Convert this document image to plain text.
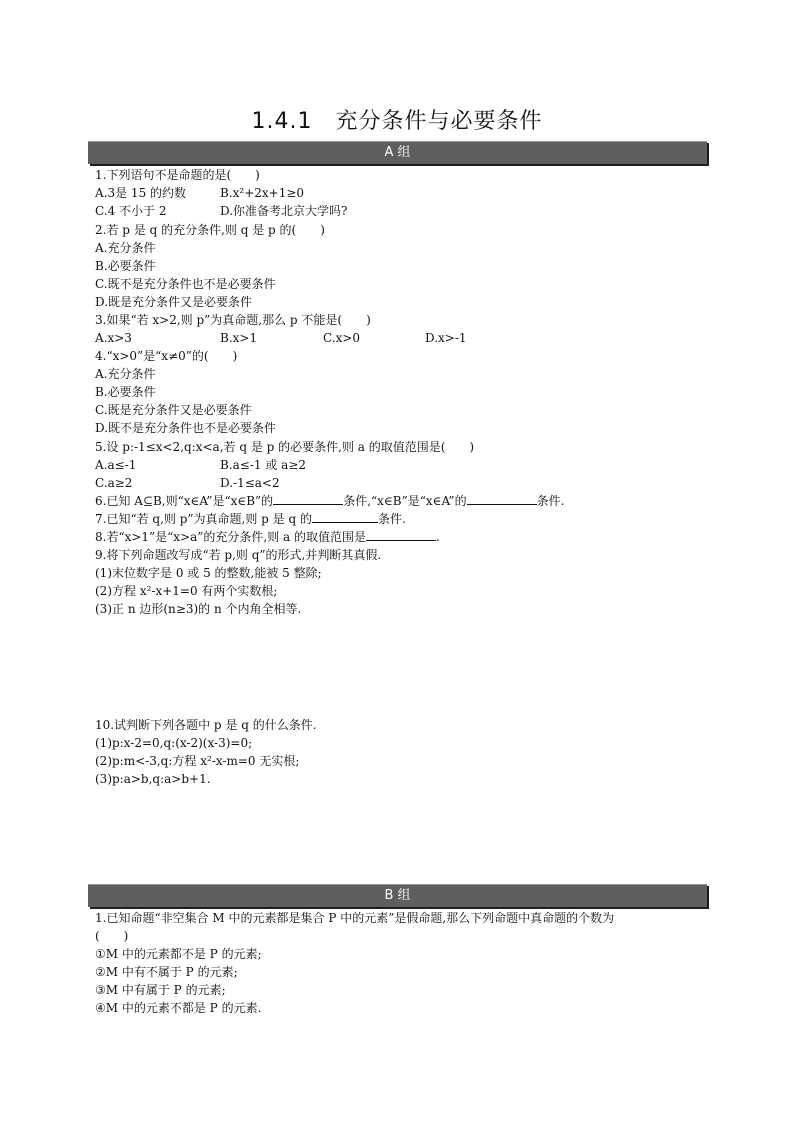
1.4.1　充分条件与必要条件
A 组
1.下列语句不是命题的是(　　)
A.3是 15 的约数	B.x²+2x+1≥0
C.4 不小于 2	D.你准备考北京大学吗?
2.若 p 是 q 的充分条件,则 q 是 p 的(　　)
A.充分条件
B.必要条件
C.既不是充分条件也不是必要条件
D.既是充分条件又是必要条件
3.如果“若 x>2,则 p”为真命题,那么 p 不能是(　　)
A.x>3	B.x>1	C.x>0	D.x>-1
4.“x>0”是“x≠0”的(　　)
A.充分条件
B.必要条件
C.既是充分条件又是必要条件
D.既不是充分条件也不是必要条件
5.设 p:-1≤x<2,q:x<a,若 q 是 p 的必要条件,则 a 的取值范围是(　　)
A.a≤-1	B.a≤-1 或 a≥2
C.a≥2	D.-1≤a<2
6.已知 A⊆B,则“x∈A”是“x∈B”的	条件,“x∈B”是“x∈A”的	条件.
7.已知“若 q,则 p”为真命题,则 p 是 q 的	条件.
8.若“x>1”是“x>a”的充分条件,则 a 的取值范围是	.
9.将下列命题改写成“若 p,则 q”的形式,并判断其真假.
(1)末位数字是 0 或 5 的整数,能被 5 整除;
(2)方程 x²-x+1=0 有两个实数根;
(3)正 n 边形(n≥3)的 n 个内角全相等.
10.试判断下列各题中 p 是 q 的什么条件.
(1)p:x-2=0,q:(x-2)(x-3)=0;
(2)p:m<-3,q:方程 x²-x-m=0 无实根;
(3)p:a>b,q:a>b+1.
B 组
1.已知命题“非空集合 M 中的元素都是集合 P 中的元素”是假命题,那么下列命题中真命题的个数为
(　　)
①M 中的元素都不是 P 的元素;
②M 中有不属于 P 的元素;
③M 中有属于 P 的元素;
④M 中的元素不都是 P 的元素.
